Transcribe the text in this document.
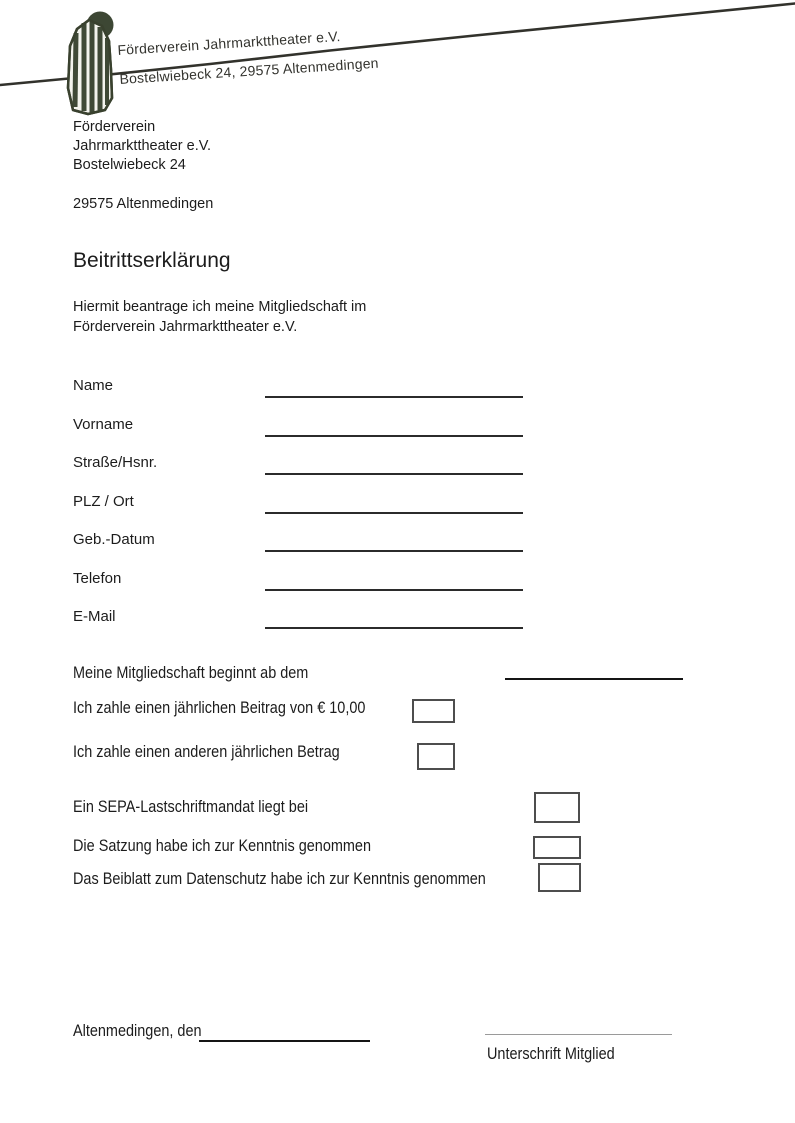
Förderverein Jahrmarkttheater e.V.
Bostelwiebeck 24, 29575 Altenmedingen
Förderverein
Jahrmarkttheater e.V.
Bostelwiebeck 24
29575 Altenmedingen
Beitrittserklärung
Hiermit beantrage ich meine Mitgliedschaft im
Förderverein Jahrmarkttheater e.V.
Name
Vorname
Straße/Hsnr.
PLZ / Ort
Geb.-Datum
Telefon
E-Mail
Meine Mitgliedschaft beginnt ab dem
Ich zahle einen jährlichen Beitrag von € 10,00
Ich zahle einen anderen jährlichen Betrag
Ein SEPA-Lastschriftmandat liegt bei
Die Satzung habe ich zur Kenntnis genommen
Das Beiblatt zum Datenschutz habe ich zur Kenntnis genommen
Altenmedingen, den
Unterschrift Mitglied
